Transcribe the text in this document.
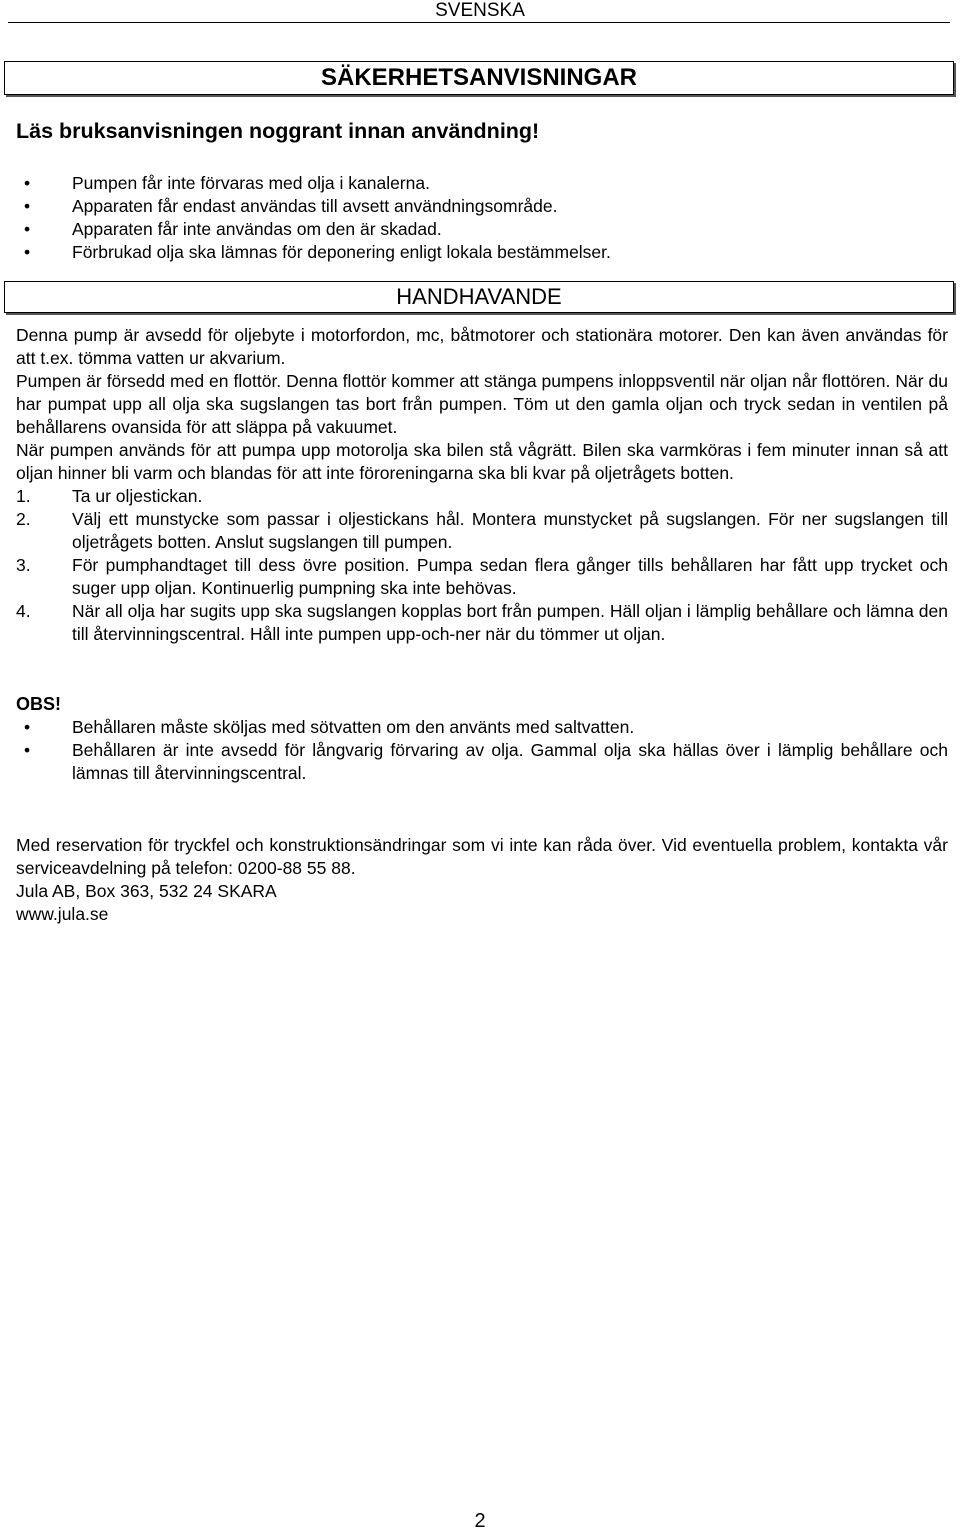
SVENSKA
SÄKERHETSANVISNINGAR
Läs bruksanvisningen noggrant innan användning!
• Pumpen får inte förvaras med olja i kanalerna.
• Apparaten får endast användas till avsett användningsområde.
• Apparaten får inte användas om den är skadad.
• Förbrukad olja ska lämnas för deponering enligt lokala bestämmelser.
HANDHAVANDE

Denna pump är avsedd för oljebyte i motorfordon, mc, båtmotorer och stationära motorer. Den kan även användas för att t.ex. tömma vatten ur akvarium.

Pumpen är försedd med en flottör. Denna flottör kommer att stänga pumpens inloppsventil när oljan når flottören. När du har pumpat upp all olja ska sugslangen tas bort från pumpen. Töm ut den gamla oljan och tryck sedan in ventilen på behållarens ovansida för att släppa på vakuumet.

När pumpen används för att pumpa upp motorolja ska bilen stå vågrätt. Bilen ska varmköras i fem minuter innan så att oljan hinner bli varm och blandas för att inte föroreningarna ska bli kvar på oljetrågets botten.

1. Ta ur oljestickan.
2. Välj ett munstycke som passar i oljestickans hål. Montera munstycket på sugslangen. För ner sugslangen till oljetrågets botten. Anslut sugslangen till pumpen.
3. För pumphandtaget till dess övre position. Pumpa sedan flera gånger tills behållaren har fått upp trycket och suger upp oljan. Kontinuerlig pumpning ska inte behövas.
4. När all olja har sugits upp ska sugslangen kopplas bort från pumpen. Häll oljan i lämplig behållare och lämna den till återvinningscentral. Håll inte pumpen upp-och-ner när du tömmer ut oljan.
OBS!
• Behållaren måste sköljas med sötvatten om den använts med saltvatten.
• Behållaren är inte avsedd för långvarig förvaring av olja. Gammal olja ska hällas över i lämplig behållare och lämnas till återvinningscentral.

Med reservation för tryckfel och konstruktionsändringar som vi inte kan råda över. Vid eventuella problem, kontakta vår serviceavdelning på telefon: 0200-88 55 88.

Jula AB, Box 363, 532 24 SKARA
www.jula.se
2
